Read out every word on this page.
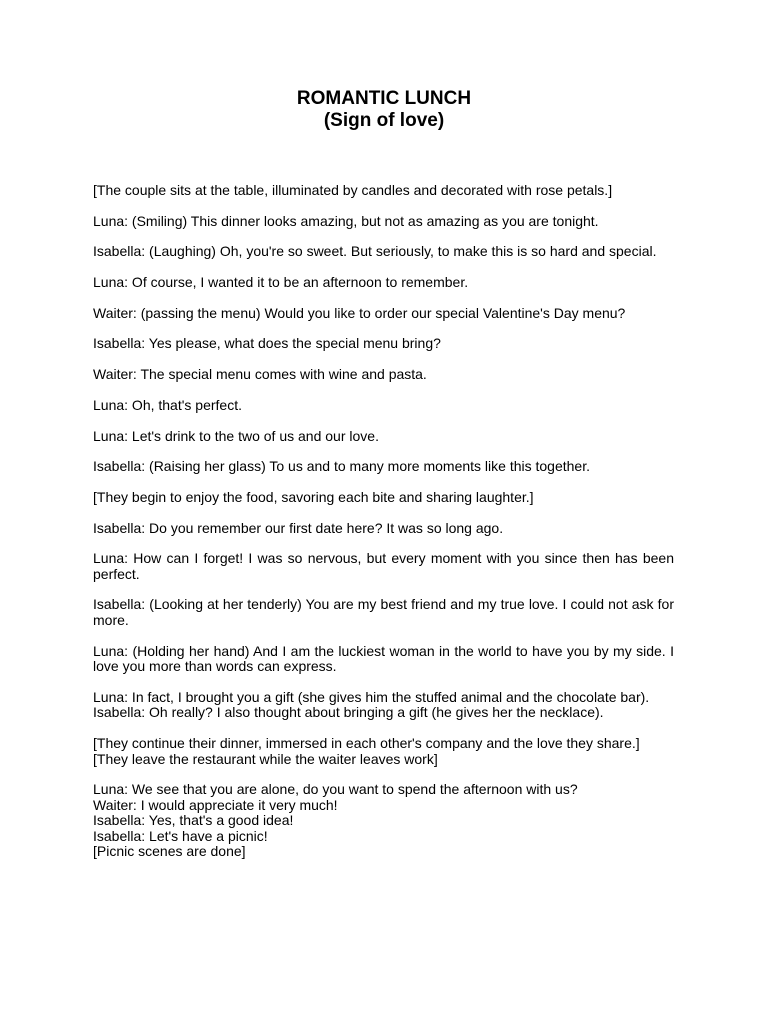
ROMANTIC LUNCH

(Sign of love)

[The couple sits at the table, illuminated by candles and decorated with rose petals.]

Luna: (Smiling) This dinner looks amazing, but not as amazing as you are tonight.

Isabella: (Laughing) Oh, you're so sweet. But seriously, to make this is so hard and special.

Luna: Of course, I wanted it to be an afternoon to remember.

Waiter: (passing the menu) Would you like to order our special Valentine's Day menu?

Isabella: Yes please, what does the special menu bring?

Waiter: The special menu comes with wine and pasta.

Luna: Oh, that's perfect.

Luna: Let's drink to the two of us and our love.

Isabella: (Raising her glass) To us and to many more moments like this together.

[They begin to enjoy the food, savoring each bite and sharing laughter.]

Isabella: Do you remember our first date here? It was so long ago.

Luna: How can I forget! I was so nervous, but every moment with you since then has been perfect.

Isabella: (Looking at her tenderly) You are my best friend and my true love. I could not ask for more.

Luna: (Holding her hand) And I am the luckiest woman in the world to have you by my side. I love you more than words can express.

Luna: In fact, I brought you a gift (she gives him the stuffed animal and the chocolate bar).
Isabella: Oh really? I also thought about bringing a gift (he gives her the necklace).
[They continue their dinner, immersed in each other's company and the love they share.]
[They leave the restaurant while the waiter leaves work]
Luna: We see that you are alone, do you want to spend the afternoon with us?
Waiter: I would appreciate it very much!
Isabella: Yes, that's a good idea!
Isabella: Let's have a picnic!
[Picnic scenes are done]
